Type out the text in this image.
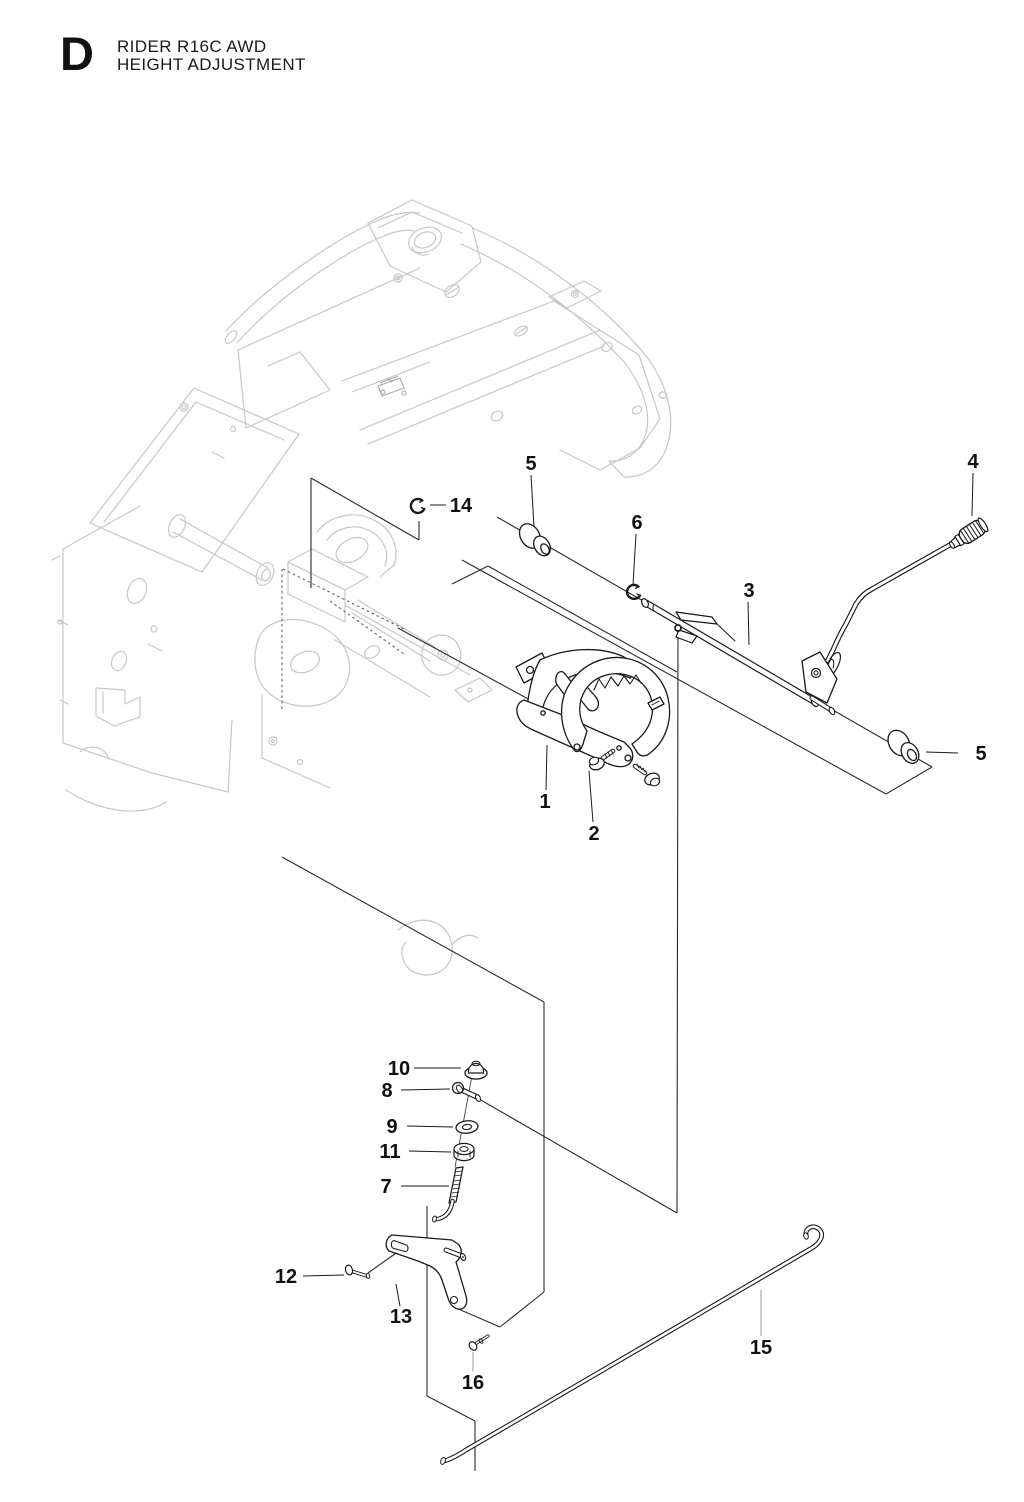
D RIDER R16C AWD
HEIGHT ADJUSTMENT
5
6
4
3
14
5
1
2
10
8
9
11
7
12
13
16
15
